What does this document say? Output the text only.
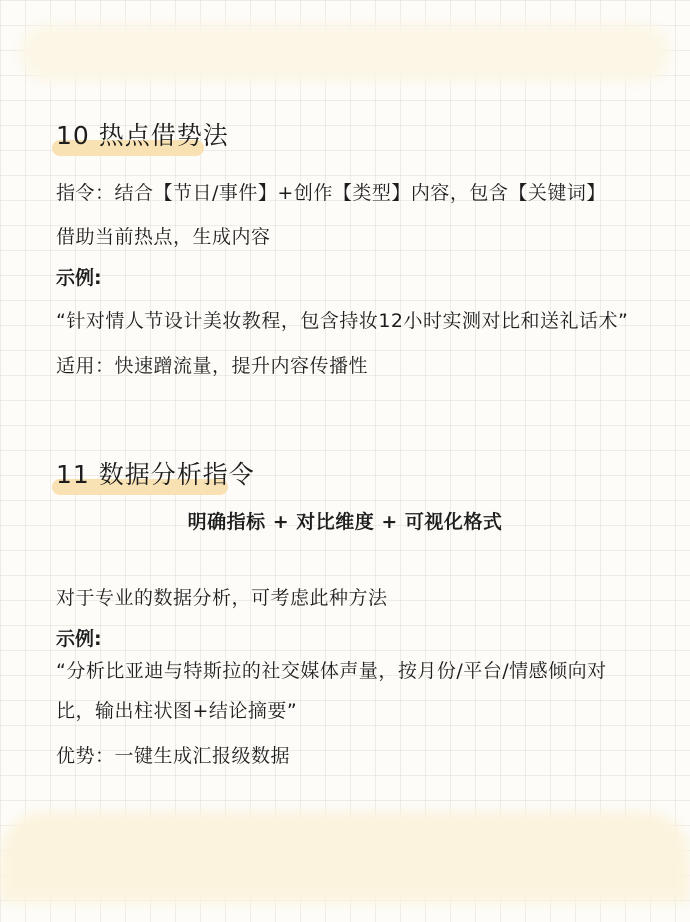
10 热点借势法
指令：结合【节日/事件】+创作【类型】内容，包含【关键词】
借助当前热点，生成内容
示例:
“针对情人节设计美妆教程，包含持妆12小时实测对比和送礼话术”
适用：快速蹭流量，提升内容传播性
11 数据分析指令
明确指标 + 对比维度 + 可视化格式
对于专业的数据分析，可考虑此种方法
示例:
“分析比亚迪与特斯拉的社交媒体声量，按月份/平台/情感倾向对
比，输出柱状图+结论摘要”
优势：一键生成汇报级数据
